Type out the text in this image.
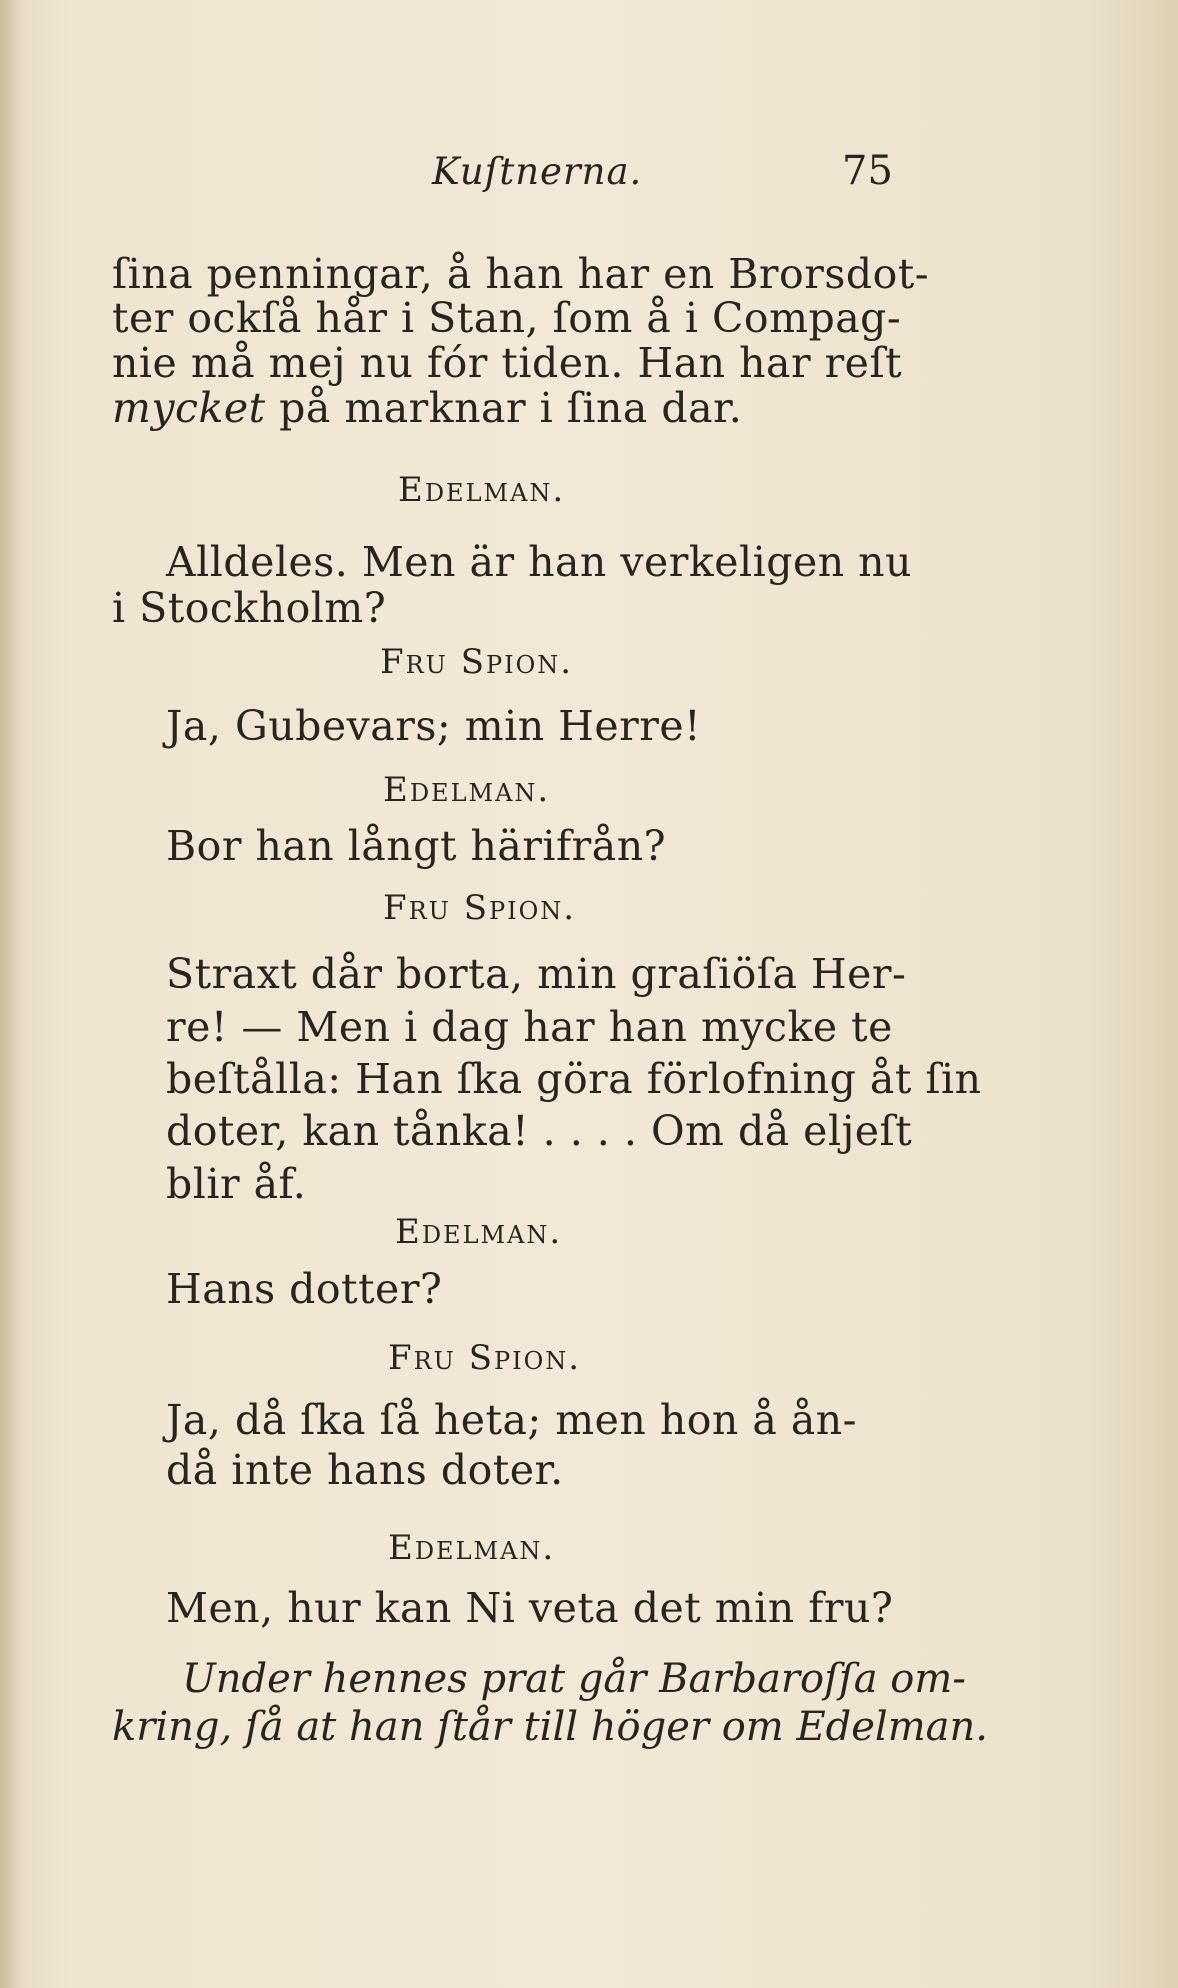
Kuſtnerna.	75
ſina penningar, å han har en Brorsdot-
ter ockſå hår i Stan, ſom å i Compag-
nie må mej nu fór tiden. Han har reſt
mycket på marknar i ſina dar.
Edelman.
Alldeles. Men är han verkeligen nu
i Stockholm?
Fru Spion.
Ja, Gubevars; min Herre!
Edelman.
Bor han långt härifrån?
Fru Spion.
Straxt dår borta, min graſiöſa Her-
re! — Men i dag har han mycke te
beſtålla: Han ſka göra förlofning åt ſin
doter, kan tånka! . . . . Om då eljeſt
blir åf.
Edelman.
Hans dotter?
Fru Spion.
Ja, då ſka ſå heta; men hon å ån-
då inte hans doter.
Edelman.
Men, hur kan Ni veta det min fru?
Under hennes prat går Barbaroſſa om-
kring, ſå at han ſtår till höger om Edelman.
